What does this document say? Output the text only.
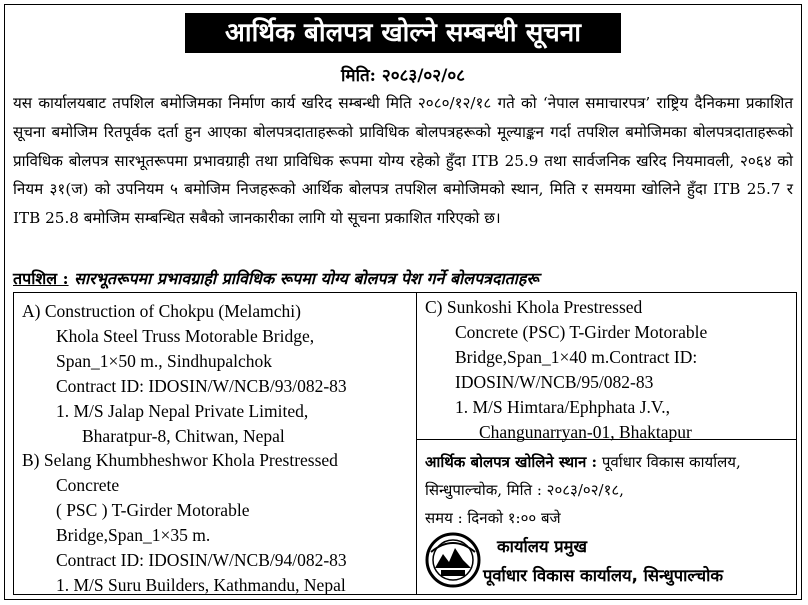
आर्थिक बोलपत्र खोल्ने सम्बन्धी सूचना
मिति: २०८३/०२/०८
यस कार्यालयबाट तपशिल बमोजिमका निर्माण कार्य खरिद सम्बन्धी मिति २०८०/१२/१८ गते को ‘नेपाल समाचारपत्र’ राष्ट्रिय दैनिकमा प्रकाशित सूचना बमोजिम रितपूर्वक दर्ता हुन आएका बोलपत्रदाताहरूको प्राविधिक बोलपत्रहरूको मूल्याङ्कन गर्दा तपशिल बमोजिमका बोलपत्रदाताहरूको प्राविधिक बोलपत्र सारभूतरूपमा प्रभावग्राही तथा प्राविधिक रूपमा योग्य रहेको हुँदा ITB 25.9 तथा सार्वजनिक खरिद नियमावली, २०६४ को नियम ३१(ज) को उपनियम ५ बमोजिम निजहरूको आर्थिक बोलपत्र तपशिल बमोजिमको स्थान, मिति र समयमा खोलिने हुँदा ITB 25.7 र ITB 25.8 बमोजिम सम्बन्धित सबैको जानकारीका लागि यो सूचना प्रकाशित गरिएको छ।
तपशिल : सारभूतरूपमा प्रभावग्राही प्राविधिक रूपमा योग्य बोलपत्र पेश गर्ने बोलपत्रदाताहरू
A) Construction of Chokpu (Melamchi)
Khola Steel Truss Motorable Bridge,
Span_1×50 m., Sindhupalchok
Contract ID: IDOSIN/W/NCB/93/082-83
1. M/S Jalap Nepal Private Limited,
Bharatpur-8, Chitwan, Nepal
B) Selang Khumbheshwor Khola Prestressed
Concrete
( PSC ) T-Girder Motorable
Bridge,Span_1×35 m.
Contract ID: IDOSIN/W/NCB/94/082-83
1. M/S Suru Builders, Kathmandu, Nepal
C) Sunkoshi Khola Prestressed
Concrete (PSC) T-Girder Motorable
Bridge,Span_1×40 m.Contract ID:
IDOSIN/W/NCB/95/082-83
1. M/S Himtara/Ephphata J.V.,
Changunarryan-01, Bhaktapur
आर्थिक बोलपत्र खोलिने स्थान : पूर्वाधार विकास कार्यालय, सिन्धुपाल्चोक, मिति : २०८३/०२/१८,
समय : दिनको १:०० बजे
कार्यालय प्रमुख
पूर्वाधार विकास कार्यालय, सिन्धुपाल्चोक
